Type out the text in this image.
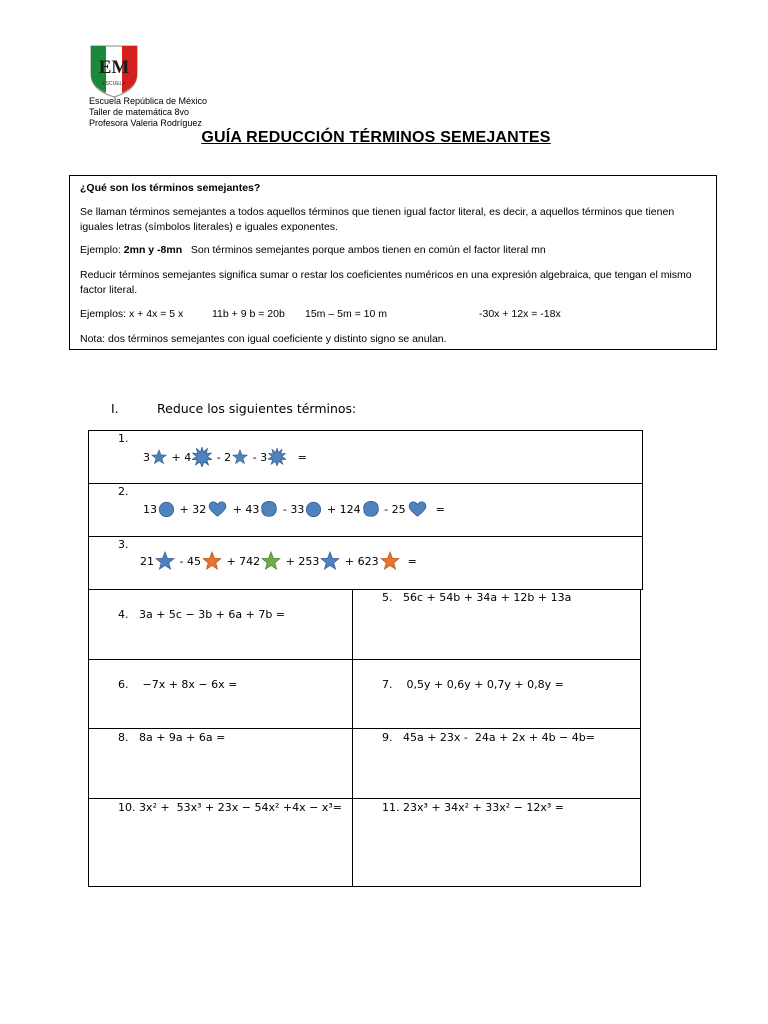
EM
ESCUELA
Escuela República de México
Taller de matemática 8vo
Profesora Valeria Rodríguez
GUÍA REDUCCIÓN TÉRMINOS SEMEJANTES

¿Qué son los términos semejantes?

Se llaman términos semejantes a todos aquellos términos que tienen igual factor literal, es decir, a aquellos términos que tienen iguales letras (símbolos literales) e iguales exponentes.

Ejemplo: 2mn y -8mn   Son términos semejantes porque ambos tienen en común el factor literal mn

Reducir términos semejantes significa sumar o restar los coeficientes numéricos en una expresión algebraica, que tengan el mismo factor literal.

Ejemplos: x + 4x = 5 x	11b + 9 b = 20b 15m – 5m = 10 m	-30x + 12x = -18x

Nota: dos términos semejantes con igual coeficiente y distinto signo se anulan.

I.	Reduce los siguientes términos:
1.
3 + 4 - 2 - 3 =
2.
13 + 32 + 43 - 33 + 124 - 25 =
3.
21 - 45 + 742 + 253 + 623 =
4.   3a + 5c − 3b + 6a + 7b =
5.   56c + 54b + 34a + 12b + 13a
6.    −7x + 8x − 6x =	7.    0,5y + 0,6y + 0,7y + 0,8y =
8.   8a + 9a + 6a =	9.   45a + 23x -  24a + 2x + 4b − 4b=
10. 3x² +  53x³ + 23x − 54x² +4x − x³=	11. 23x³ + 34x² + 33x² − 12x³ =
